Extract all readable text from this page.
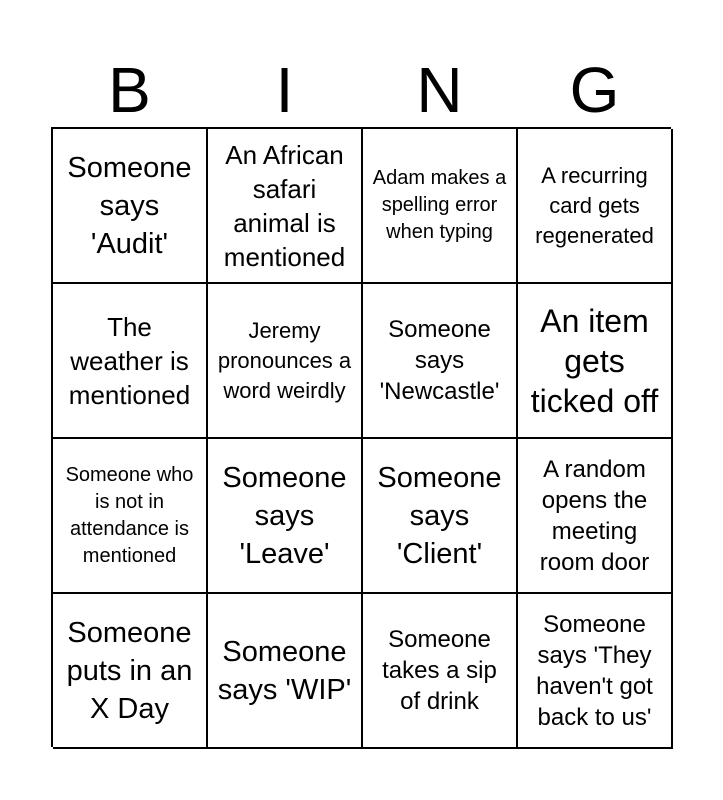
B	I	N	G
Someone says 'Audit'
An African safari animal is mentioned
Adam makes a spelling error when typing
A recurring card gets regenerated
The weather is mentioned
Jeremy pronounces a word weirdly
Someone says 'Newcastle'
An item gets ticked off
Someone who is not in attendance is mentioned
Someone says 'Leave'
Someone says 'Client'
A random opens the meeting room door
Someone puts in an X Day
Someone says 'WIP'
Someone takes a sip of drink
Someone says 'They haven't got back to us'
